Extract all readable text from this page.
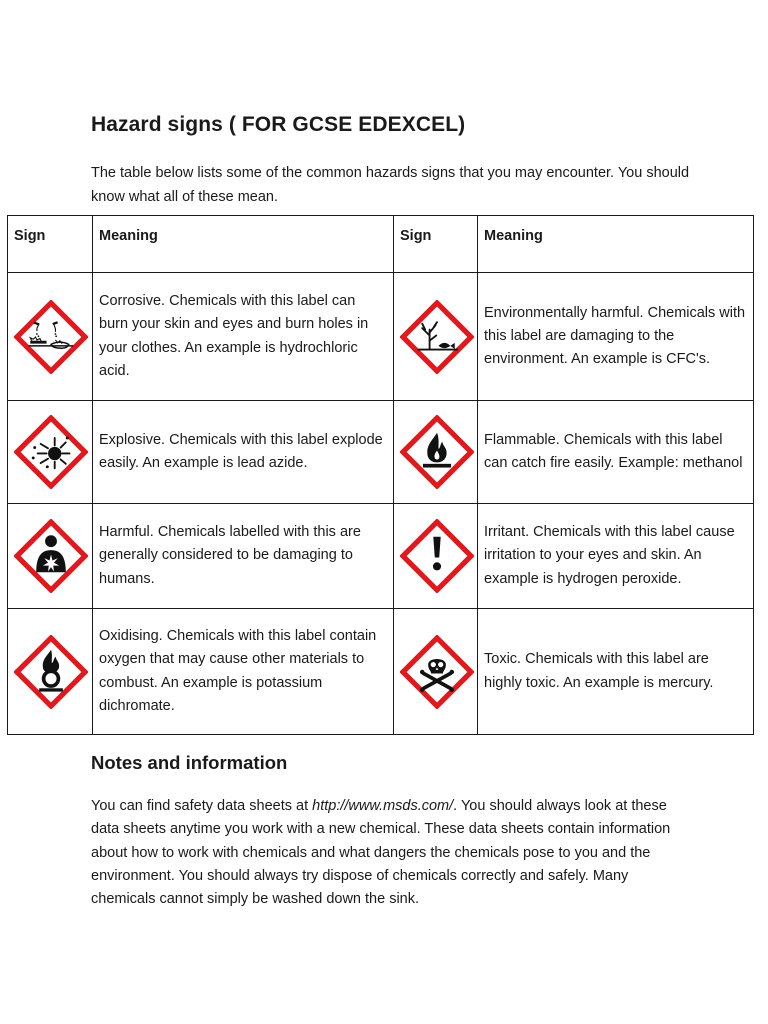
Hazard signs ( FOR GCSE EDEXCEL)

The table below lists some of the common hazards signs that you may encounter. You should know what all of these mean.

Sign	Meaning	Sign	Meaning

	Corrosive. Chemicals with this label can burn your skin and eyes and burn holes in your clothes. An example is hydrochloric acid.		Environmentally harmful. Chemicals with this label are damaging to the environment. An example is CFC's.

	Explosive. Chemicals with this label explode easily. An example is lead azide.		Flammable. Chemicals with this label can catch fire easily. Example: methanol

	Harmful. Chemicals labelled with this are generally considered to be damaging to humans.		Irritant. Chemicals with this label cause irritation to your eyes and skin. An example is hydrogen peroxide.

	Oxidising. Chemicals with this label contain oxygen that may cause other materials to combust. An example is potassium dichromate.		Toxic. Chemicals with this label are highly toxic. An example is mercury.
Notes and information

You can find safety data sheets at http://www.msds.com/. You should always look at these data sheets anytime you work with a new chemical. These data sheets contain information about how to work with chemicals and what dangers the chemicals pose to you and the environment. You should always try dispose of chemicals correctly and safely. Many chemicals cannot simply be washed down the sink.
